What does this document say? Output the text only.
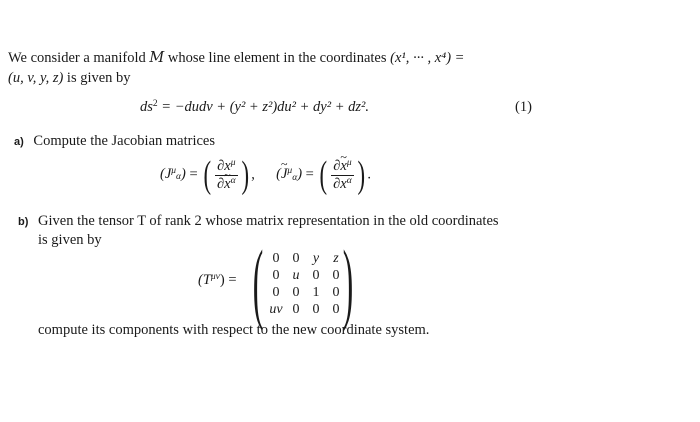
We consider a manifold M whose line element in the coordinates (x¹, ··· , x⁴) =
(u, v, y, z) is given by
$ds^2$ = −dudv + (y² + z²)du² + dy² + dz².	(1)
a) Compute the Jacobian matrices
$(J^\mu_\alpha)$ = ( $\frac{\partial x^\mu}{\partial\sim x^\alpha}$ ) , (~ $J^\mu_\alpha$) = ( $\frac{\partial\sim x^\mu}{\partial x^\alpha}$ ) .
b) Given the tensor T of rank 2 whose matrix representation in the old coordinates
is given by
$(T^{\mu\nu})$ = ( 0	0	y	z
0	u	0	0
0	0	1	0
uv	0	0	0 )
compute its components with respect to the new coordinate system.
